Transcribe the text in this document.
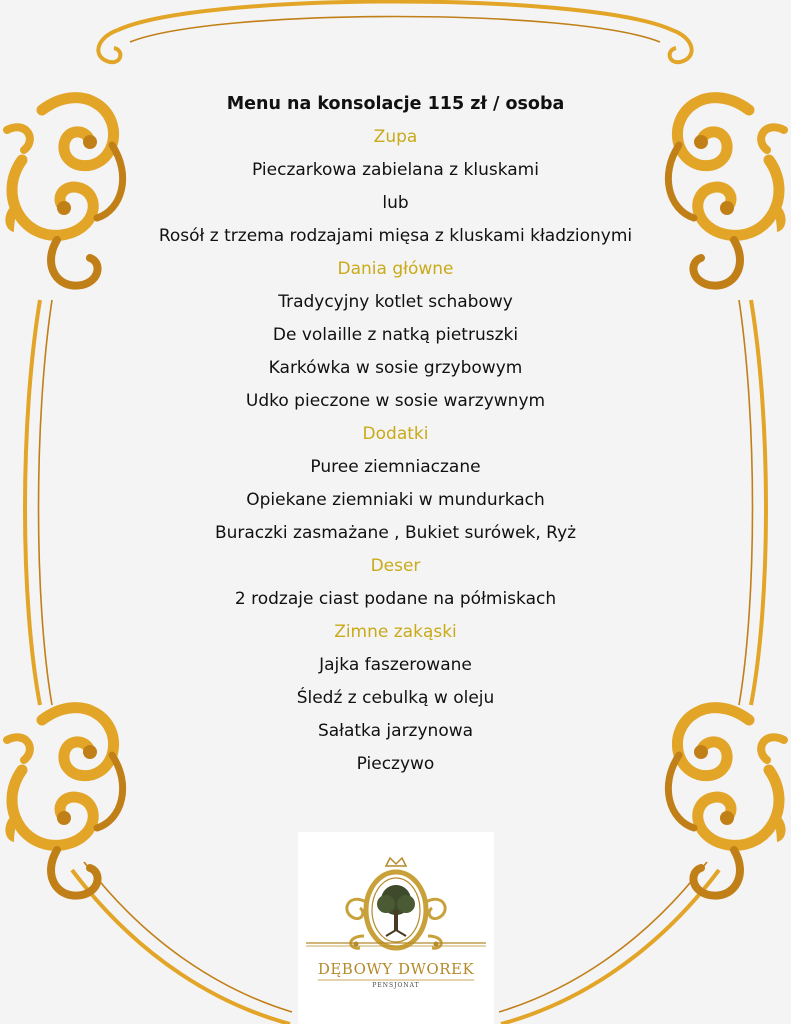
Menu na konsolacje 115 zł / osoba
Zupa
Pieczarkowa zabielana z kluskami
lub
Rosół z trzema rodzajami mięsa z kluskami kładzionymi
Dania główne
Tradycyjny kotlet schabowy
De volaille z natką pietruszki
Karkówka w sosie grzybowym
Udko pieczone w sosie warzywnym
Dodatki
Puree ziemniaczane
Opiekane ziemniaki w mundurkach
Buraczki zasmażane , Bukiet surówek, Ryż
Deser
2 rodzaje ciast podane na półmiskach
Zimne zakąski
Jajka faszerowane
Śledź z cebulką w oleju
Sałatka jarzynowa
Pieczywo
DĘBOWY DWOREK
PENSJONAT
